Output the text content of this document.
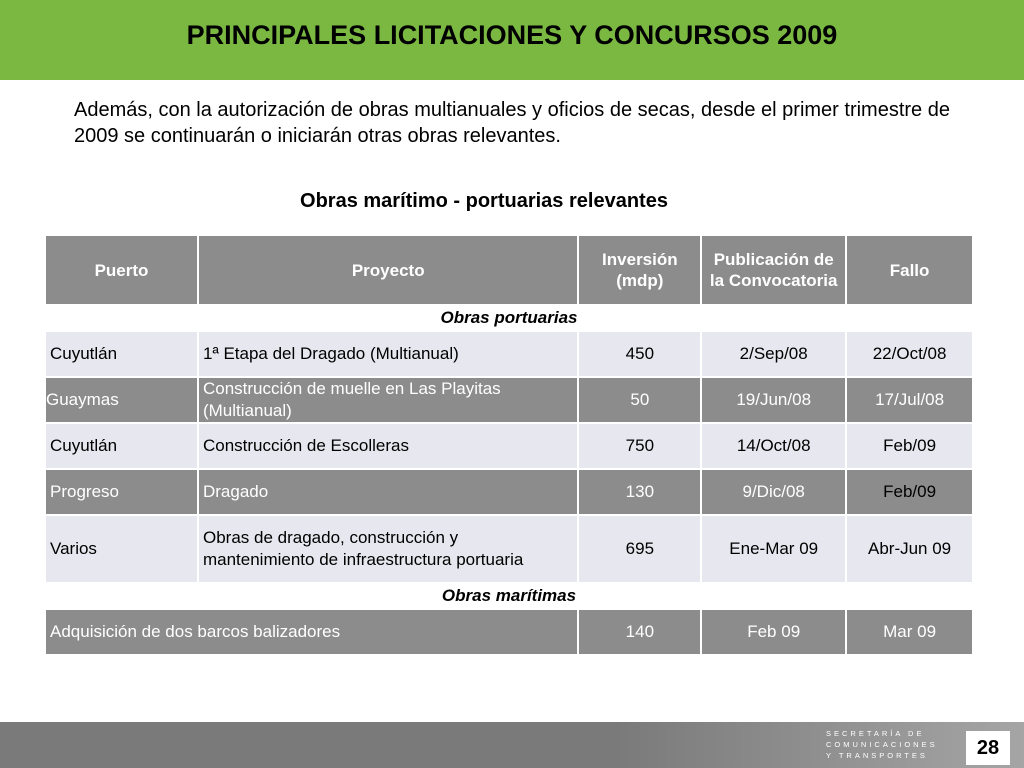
PRINCIPALES LICITACIONES Y CONCURSOS 2009
Además, con la autorización de obras multianuales y oficios de secas, desde el primer trimestre de 2009 se continuarán o iniciarán otras obras relevantes.
Obras marítimo - portuarias relevantes
Puerto	Proyecto	Inversión (mdp)	Publicación de la Convocatoria	Fallo
Obras portuarias				
Cuyutlán	1ª Etapa del Dragado (Multianual)	450	2/Sep/08	22/Oct/08
Guaymas	Construcción de muelle en Las Playitas (Multianual)	50	19/Jun/08	17/Jul/08
Cuyutlán	Construcción de Escolleras	750	14/Oct/08	Feb/09
Progreso	Dragado	130	9/Dic/08	Feb/09
Varios	Obras de dragado, construcción y mantenimiento de infraestructura portuaria	695	Ene-Mar 09	Abr-Jun 09
Obras marítimas				
Adquisición de dos barcos balizadores		140	Feb 09	Mar 09
SECRETARÍA DE
COMUNICACIONES
Y TRANSPORTES	28
